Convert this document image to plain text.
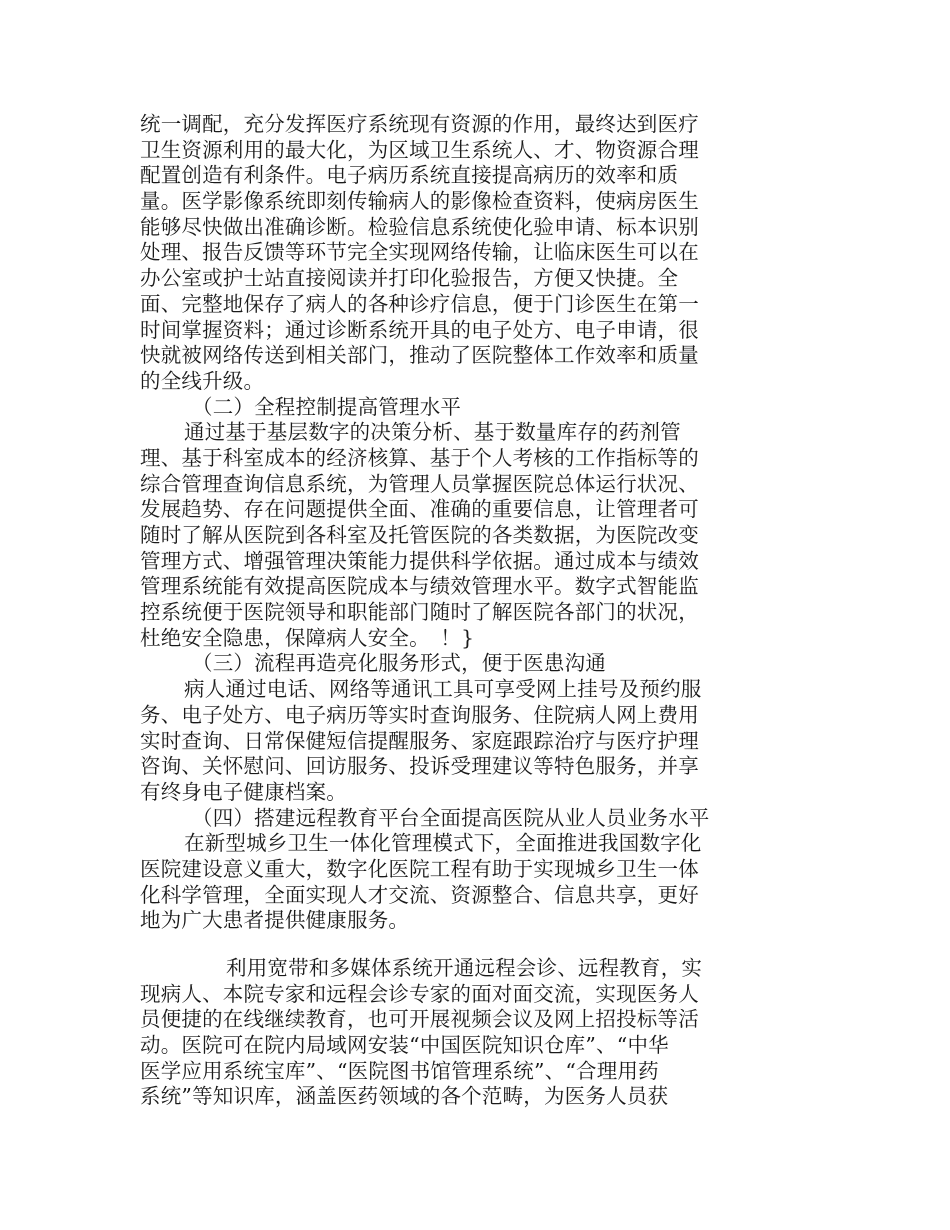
统一调配，充分发挥医疗系统现有资源的作用，最终达到医疗
卫生资源利用的最大化，为区域卫生系统人、才、物资源合理
配置创造有利条件。电子病历系统直接提高病历的效率和质
量。医学影像系统即刻传输病人的影像检查资料，使病房医生
能够尽快做出准确诊断。检验信息系统使化验申请、标本识别
处理、报告反馈等环节完全实现网络传输，让临床医生可以在
办公室或护士站直接阅读并打印化验报告，方便又快捷。全
面、完整地保存了病人的各种诊疗信息，便于门诊医生在第一
时间掌握资料；通过诊断系统开具的电子处方、电子申请，很
快就被网络传送到相关部门，推动了医院整体工作效率和质量
的全线升级。
（二）全程控制提高管理水平
通过基于基层数字的决策分析、基于数量库存的药剂管
理、基于科室成本的经济核算、基于个人考核的工作指标等的
综合管理查询信息系统，为管理人员掌握医院总体运行状况、
发展趋势、存在问题提供全面、准确的重要信息，让管理者可
随时了解从医院到各科室及托管医院的各类数据，为医院改变
管理方式、增强管理决策能力提供科学依据。通过成本与绩效
管理系统能有效提高医院成本与绩效管理水平。数字式智能监
控系统便于医院领导和职能部门随时了解医院各部门的状况，
杜绝安全隐患，保障病人安全。　！}
（三）流程再造亮化服务形式，便于医患沟通
病人通过电话、网络等通讯工具可享受网上挂号及预约服
务、电子处方、电子病历等实时查询服务、住院病人网上费用
实时查询、日常保健短信提醒服务、家庭跟踪治疗与医疗护理
咨询、关怀慰问、回访服务、投诉受理建议等特色服务，并享
有终身电子健康档案。
（四）搭建远程教育平台全面提高医院从业人员业务水平
在新型城乡卫生一体化管理模式下，全面推进我国数字化
医院建设意义重大，数字化医院工程有助于实现城乡卫生一体
化科学管理，全面实现人才交流、资源整合、信息共享，更好
地为广大患者提供健康服务。
利用宽带和多媒体系统开通远程会诊、远程教育，实
现病人、本院专家和远程会诊专家的面对面交流，实现医务人
员便捷的在线继续教育，也可开展视频会议及网上招投标等活
动。医院可在院内局域网安装“中国医院知识仓库”、“中华
医学应用系统宝库”、“医院图书馆管理系统”、“合理用药
系统”等知识库，涵盖医药领域的各个范畴，为医务人员获
